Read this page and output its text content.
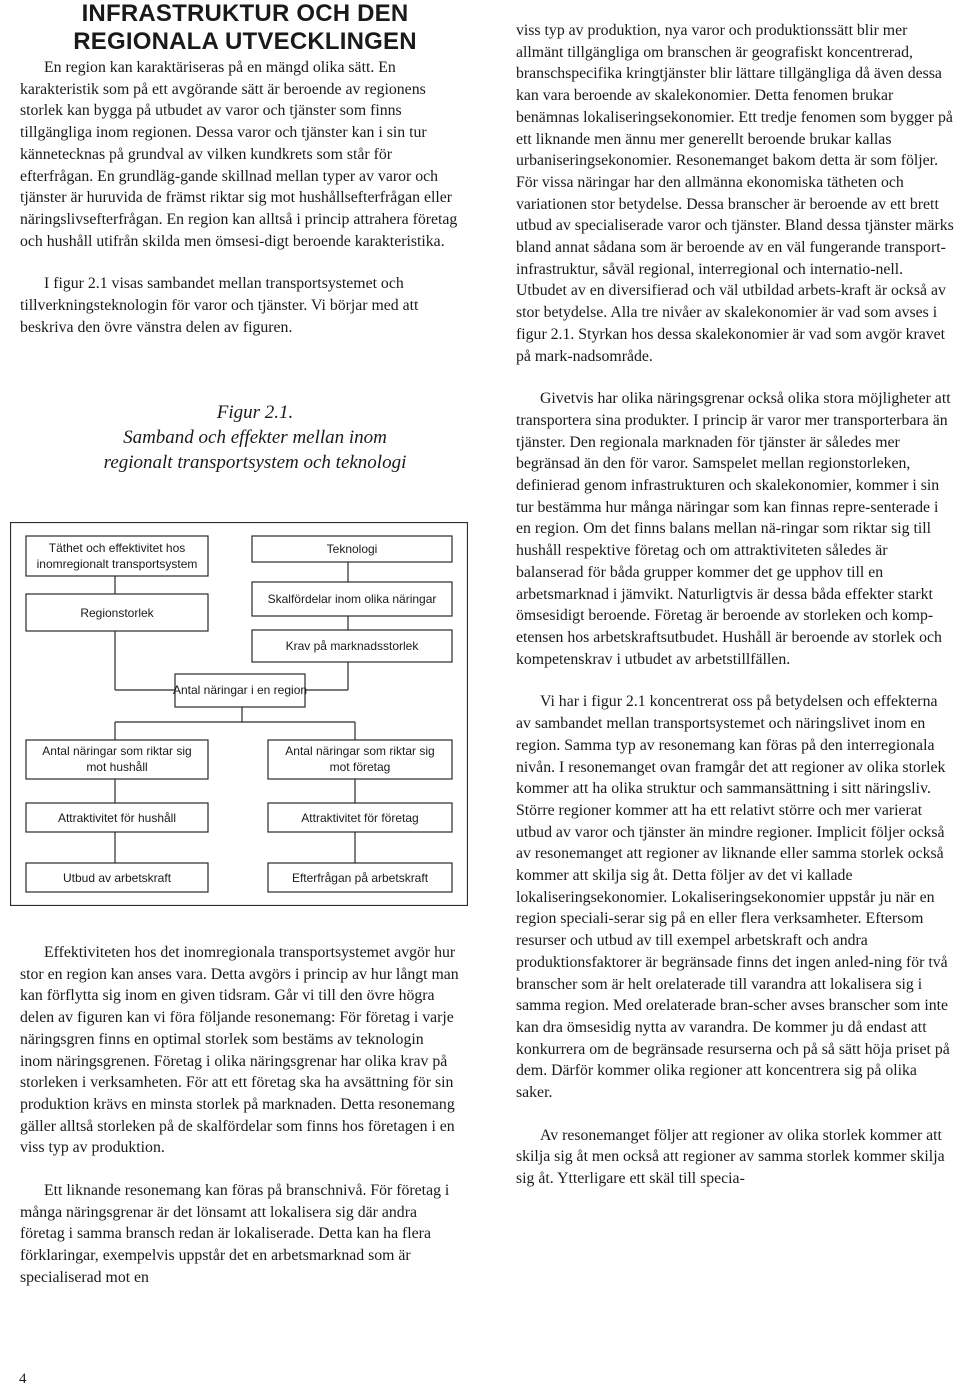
INFRASTRUKTUR OCH DEN
REGIONALA UTVECKLINGEN

En region kan karaktäriseras på en mängd olika sätt. En karakteristik som på ett avgörande sätt är beroende av regionens storlek kan bygga på utbudet av varor och tjänster som finns tillgängliga inom regionen. Dessa varor och tjänster kan i sin tur kännetecknas på grundval av vilken kundkrets som står för efterfrågan. En grundläg-gande skillnad mellan typer av varor och tjänster är huruvida de främst riktar sig mot hushållsefterfrågan eller näringslivsefterfrågan. En region kan alltså i princip attrahera företag och hushåll utifrån skilda men ömsesi-digt beroende karakteristika.

I figur 2.1 visas sambandet mellan transportsystemet och tillverkningsteknologin för varor och tjänster. Vi börjar med att beskriva den övre vänstra delen av figuren.

Figur 2.1.
Samband och effekter mellan inom
regionalt transportsystem och teknologi
Täthet och effektivitet hos
inomregionalt transportsystem
Regionstorlek
Teknologi
Skalfördelar inom olika näringar
Krav på marknadsstorlek
Antal näringar i en region
Antal näringar som riktar sig
mot hushåll
Antal näringar som riktar sig
mot företag
Attraktivitet för hushåll	Attraktivitet för företag
Utbud av arbetskraft	Efterfrågan på arbetskraft

Effektiviteten hos det inomregionala transportsystemet avgör hur stor en region kan anses vara. Detta avgörs i princip av hur långt man kan förflytta sig inom en given tidsram. Går vi till den övre högra delen av figuren kan vi föra följande resonemang: För företag i varje näringsgren finns en optimal storlek som bestäms av teknologin inom näringsgrenen. Företag i olika näringsgrenar har olika krav på storleken i verksamheten. För att ett företag ska ha avsättning för sin produktion krävs en minsta storlek på marknaden. Detta resonemang gäller alltså storleken på de skalfördelar som finns hos företagen i en viss typ av produktion.

Ett liknande resonemang kan föras på branschnivå. För företag i många näringsgrenar är det lönsamt att lokalisera sig där andra företag i samma bransch redan är lokaliserade. Detta kan ha flera förklaringar, exempelvis uppstår det en arbetsmarknad som är specialiserad mot en

viss typ av produktion, nya varor och produktionssätt blir mer allmänt tillgängliga om branschen är geografiskt koncentrerad, branschspecifika kringtjänster blir lättare tillgängliga då även dessa kan vara beroende av skalekonomier. Detta fenomen brukar benämnas lokaliseringsekonomier. Ett tredje fenomen som bygger på ett liknande men ännu mer generellt beroende brukar kallas urbaniseringsekonomier. Resonemanget bakom detta är som följer. För vissa näringar har den allmänna ekonomiska tätheten och variationen stor betydelse. Dessa branscher är beroende av ett brett utbud av specialiserade varor och tjänster. Bland dessa tjänster märks bland annat sådana som är beroende av en väl fungerande transport-infrastruktur, såväl regional, interregional och internatio-nell. Utbudet av en diversifierad och väl utbildad arbets-kraft är också av stor betydelse. Alla tre nivåer av skalekonomier är vad som avses i figur 2.1. Styrkan hos dessa skalekonomier är vad som avgör kravet på mark-nadsområde.

Givetvis har olika näringsgrenar också olika stora möjligheter att transportera sina produkter. I princip är varor mer transporterbara än tjänster. Den regionala marknaden för tjänster är således mer begränsad än den för varor. Samspelet mellan regionstorleken, definierad genom infrastrukturen och skalekonomier, kommer i sin tur bestämma hur många näringar som kan finnas repre-senterade i en region. Om det finns balans mellan nä-ringar som riktar sig till hushåll respektive företag och om attraktiviteten således är balanserad för båda grupper kommer det ge upphov till en arbetsmarknad i jämvikt. Naturligtvis är dessa båda effekter starkt ömsesidigt beroende. Företag är beroende av storleken och komp-etensen hos arbetskraftsutbudet. Hushåll är beroende av storlek och kompetenskrav i utbudet av arbetstillfällen.

Vi har i figur 2.1 koncentrerat oss på betydelsen och effekterna av sambandet mellan transportsystemet och näringslivet inom en region. Samma typ av resonemang kan föras på den interregionala nivån. I resonemanget ovan framgår det att regioner av olika storlek kommer att ha olika struktur och sammansättning i sitt näringsliv. Större regioner kommer att ha ett relativt större och mer varierat utbud av varor och tjänster än mindre regioner. Implicit följer också av resonemanget att regioner av liknande eller samma storlek också kommer att skilja sig åt. Detta följer av det vi kallade lokaliseringsekonomier. Lokaliseringsekonomier uppstår ju när en region speciali-serar sig på en eller flera verksamheter. Eftersom resurser och utbud av till exempel arbetskraft och andra produktionsfaktorer är begränsade finns det ingen anled-ning för två branscher som är helt orelaterade till varandra att lokalisera sig i samma region. Med orelaterade bran-scher avses branscher som inte kan dra ömsesidig nytta av varandra. De kommer ju då endast att konkurrera om de begränsade resurserna och på så sätt höja priset på dem. Därför kommer olika regioner att koncentrera sig på olika saker.

Av resonemanget följer att regioner av olika storlek kommer att skilja sig åt men också att regioner av samma storlek kommer skilja sig åt. Ytterligare ett skäl till specia-

4
